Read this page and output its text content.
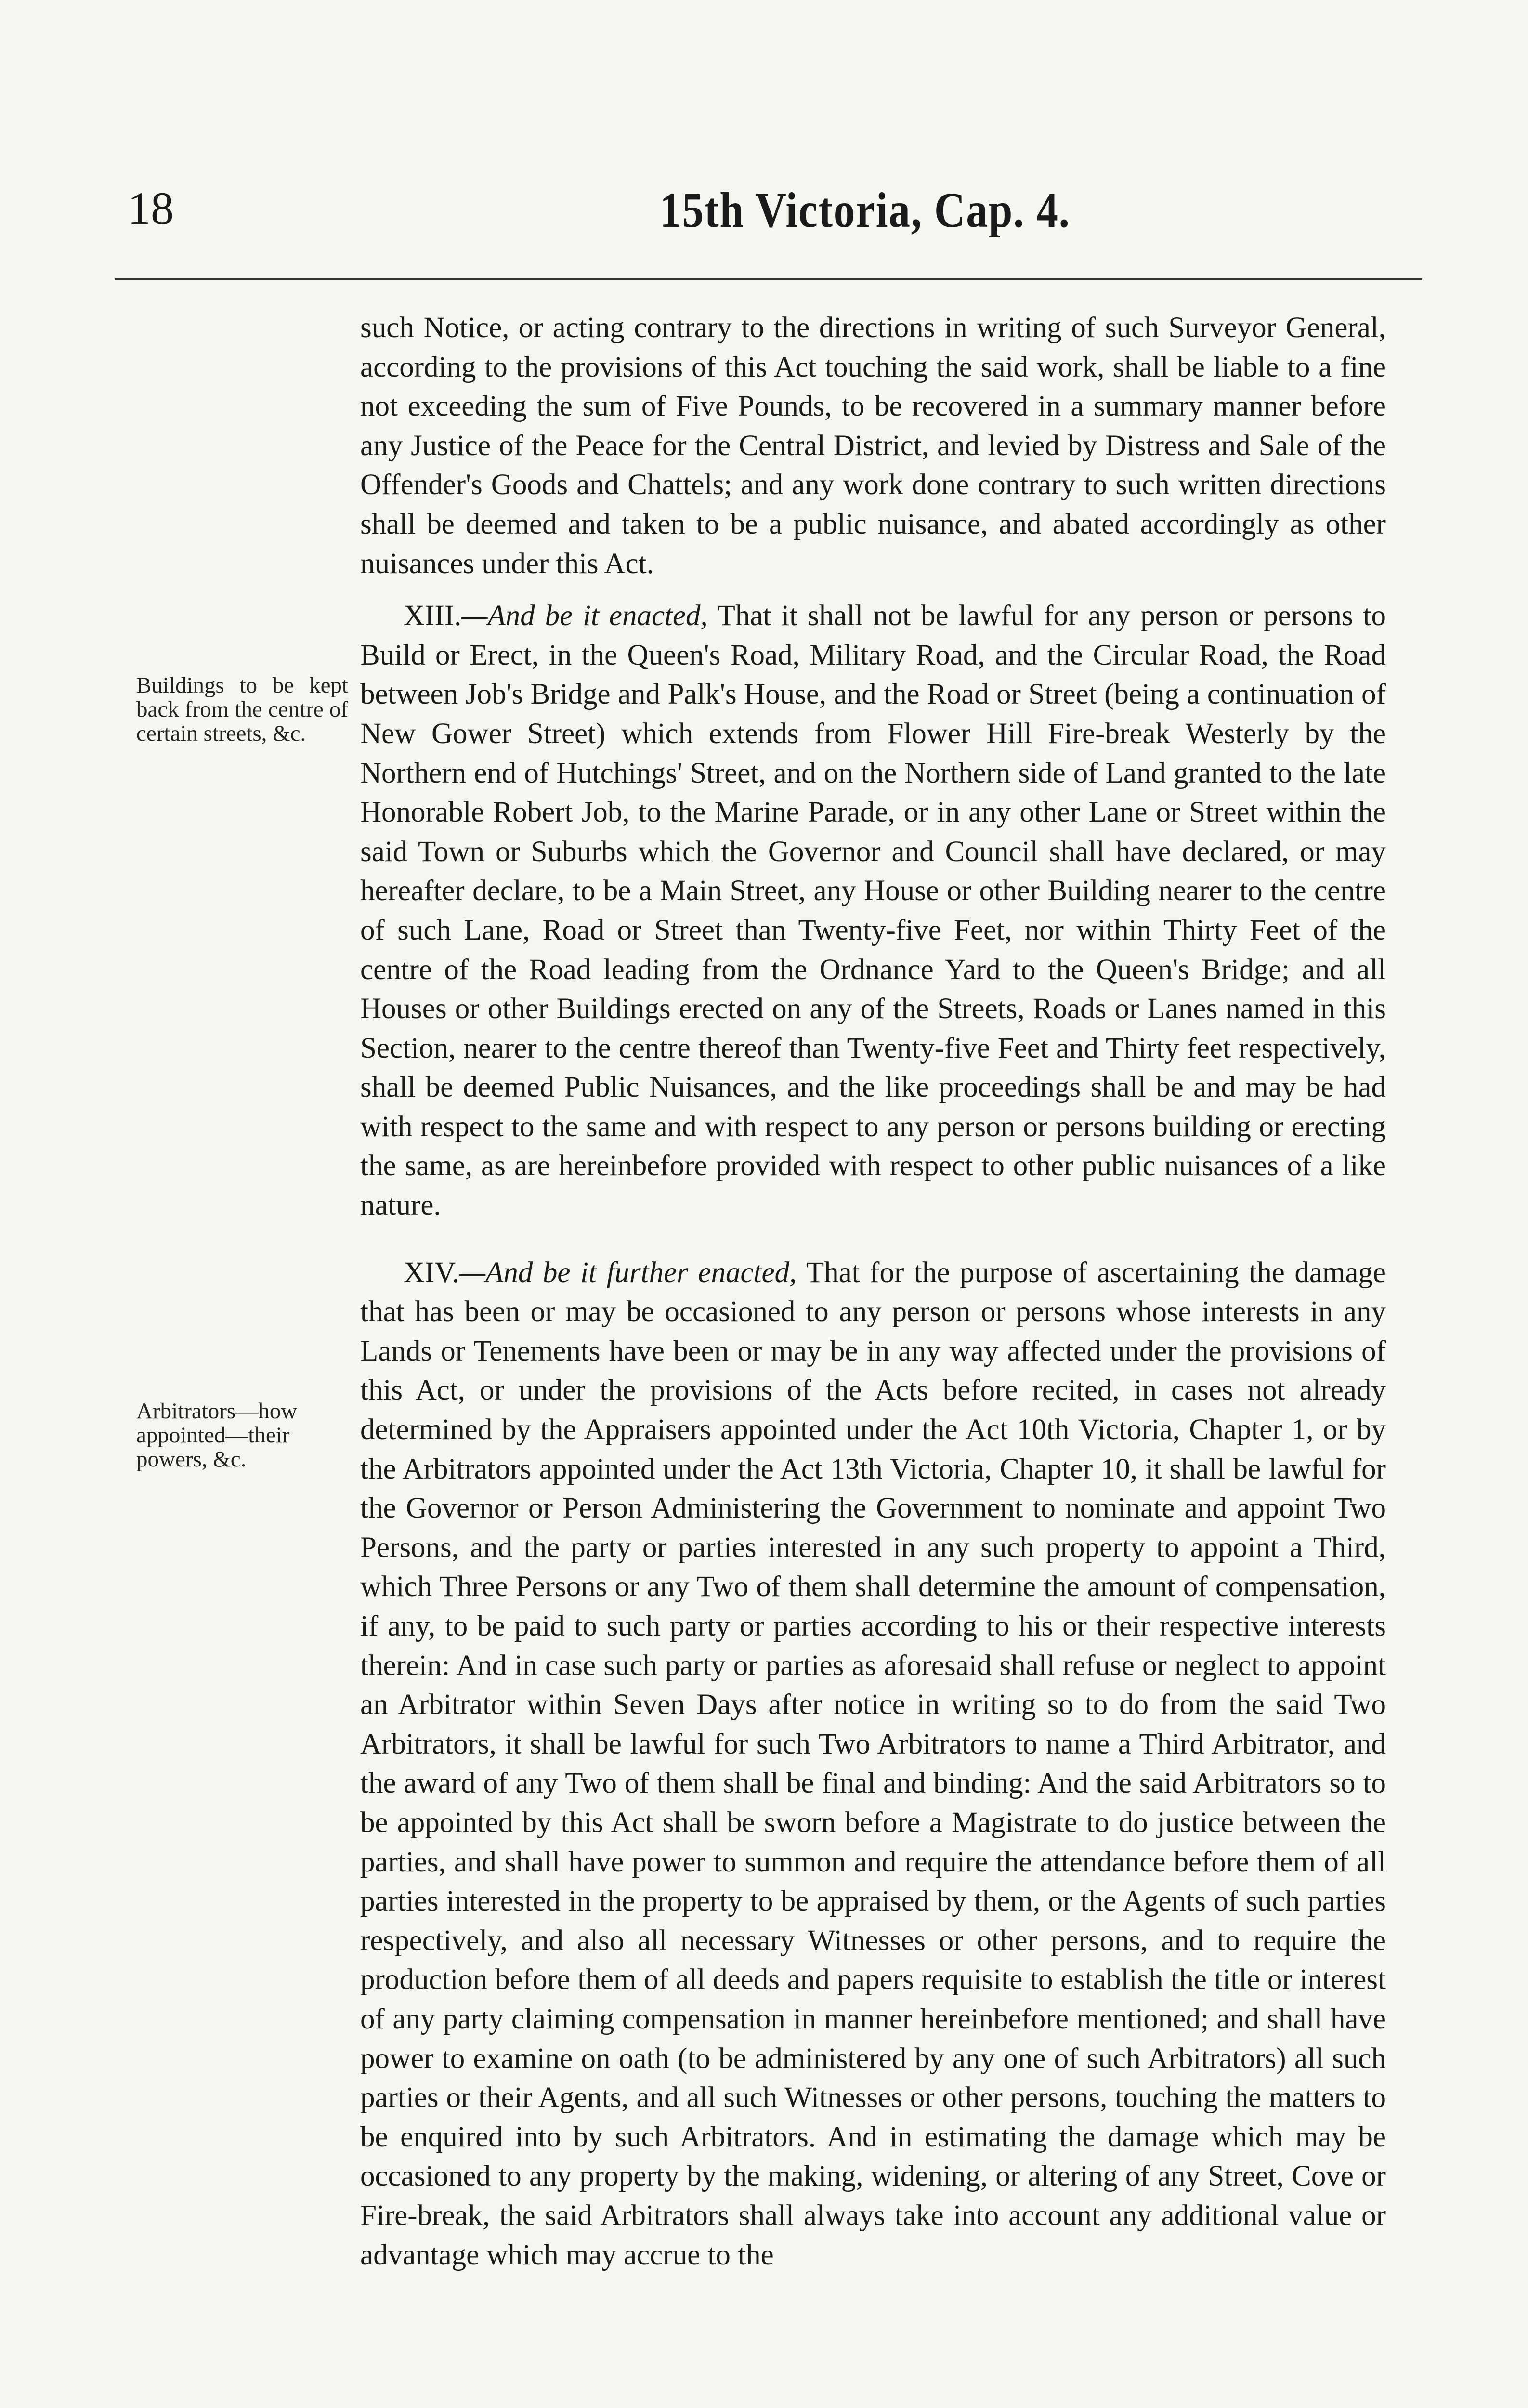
18	15th Victoria, Cap. 4.
Buildings to be kept back from the centre of certain streets, &c.
Arbitrators—how appointed—their powers, &c.

such Notice, or acting contrary to the directions in writing of such Surveyor General, according to the provisions of this Act touching the said work, shall be liable to a fine not exceeding the sum of Five Pounds, to be recovered in a summary manner before any Justice of the Peace for the Central District, and levied by Distress and Sale of the Offender's Goods and Chattels; and any work done contrary to such written directions shall be deemed and taken to be a public nuisance, and abated accordingly as other nuisances under this Act.

XIII.—And be it enacted, That it shall not be lawful for any person or persons to Build or Erect, in the Queen's Road, Military Road, and the Circular Road, the Road between Job's Bridge and Palk's House, and the Road or Street (being a continuation of New Gower Street) which extends from Flower Hill Fire-break Westerly by the Northern end of Hutchings' Street, and on the Northern side of Land granted to the late Honorable Robert Job, to the Marine Parade, or in any other Lane or Street within the said Town or Suburbs which the Governor and Council shall have declared, or may hereafter declare, to be a Main Street, any House or other Building nearer to the centre of such Lane, Road or Street than Twenty-five Feet, nor within Thirty Feet of the centre of the Road leading from the Ordnance Yard to the Queen's Bridge; and all Houses or other Buildings erected on any of the Streets, Roads or Lanes named in this Section, nearer to the centre thereof than Twenty-five Feet and Thirty feet respectively, shall be deemed Public Nuisances, and the like proceedings shall be and may be had with respect to the same and with respect to any person or persons building or erecting the same, as are hereinbefore provided with respect to other public nuisances of a like nature.

XIV.—And be it further enacted, That for the purpose of ascertaining the damage that has been or may be occasioned to any person or persons whose interests in any Lands or Tenements have been or may be in any way affected under the provisions of this Act, or under the provisions of the Acts before recited, in cases not already determined by the Appraisers appointed under the Act 10th Victoria, Chapter 1, or by the Arbitrators appointed under the Act 13th Victoria, Chapter 10, it shall be lawful for the Governor or Person Administering the Government to nominate and appoint Two Persons, and the party or parties interested in any such property to appoint a Third, which Three Persons or any Two of them shall determine the amount of compensation, if any, to be paid to such party or parties according to his or their respective interests therein: And in case such party or parties as aforesaid shall refuse or neglect to appoint an Arbitrator within Seven Days after notice in writing so to do from the said Two Arbitrators, it shall be lawful for such Two Arbitrators to name a Third Arbitrator, and the award of any Two of them shall be final and binding: And the said Arbitrators so to be appointed by this Act shall be sworn before a Magistrate to do justice between the parties, and shall have power to summon and require the attendance before them of all parties interested in the property to be appraised by them, or the Agents of such parties respectively, and also all necessary Witnesses or other persons, and to require the production before them of all deeds and papers requisite to establish the title or interest of any party claiming compensation in manner hereinbefore mentioned; and shall have power to examine on oath (to be administered by any one of such Arbitrators) all such parties or their Agents, and all such Witnesses or other persons, touching the matters to be enquired into by such Arbitrators. And in estimating the damage which may be occasioned to any property by the making, widening, or altering of any Street, Cove or Fire-break, the said Arbitrators shall always take into account any additional value or advantage which may accrue to the
